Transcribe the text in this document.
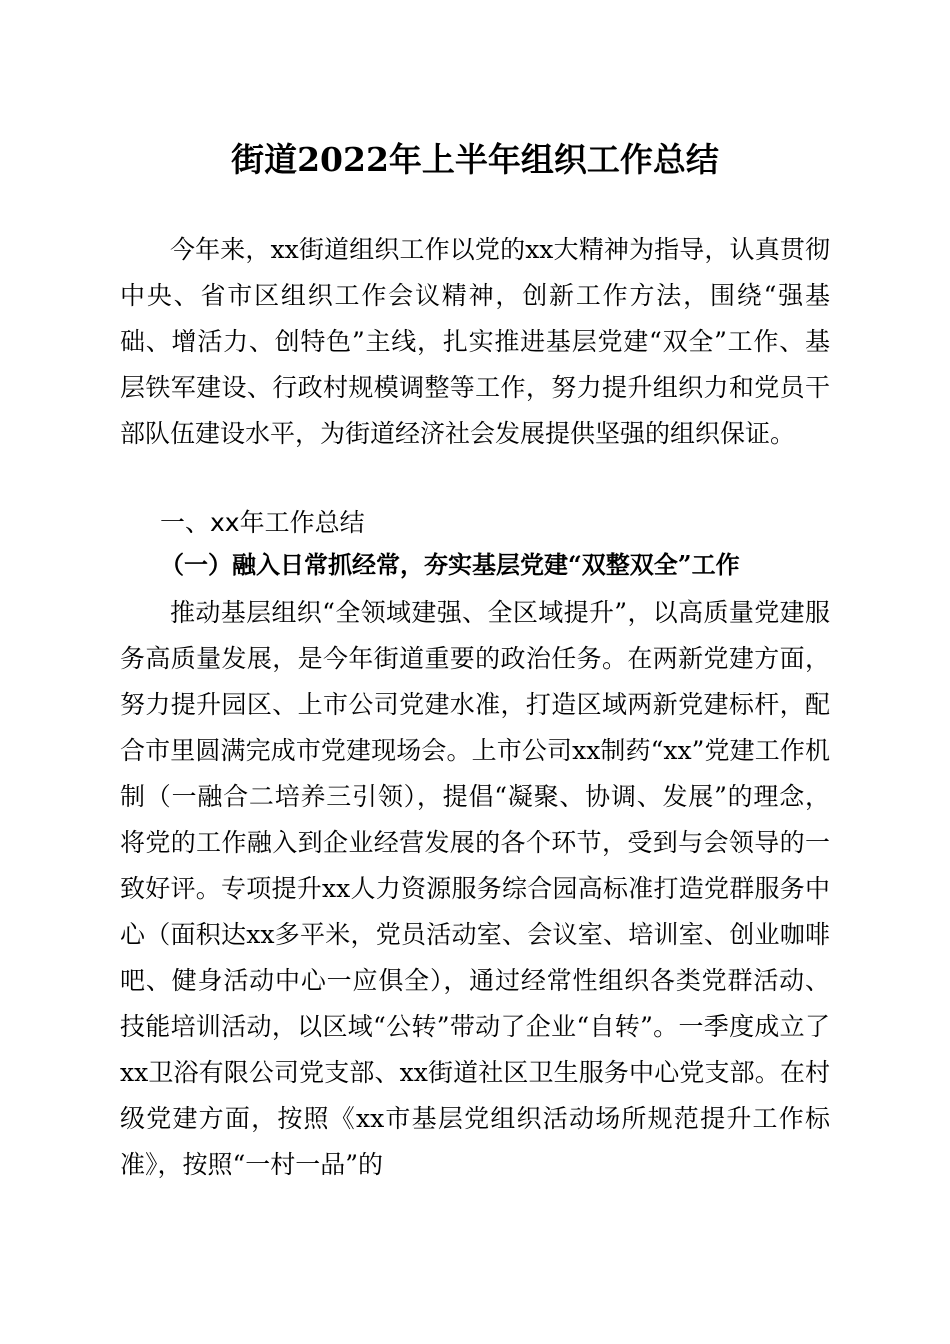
街道2022年上半年组织工作总结

今年来，xx街道组织工作以党的xx大精神为指导，认真贯彻中央、省市区组织工作会议精神，创新工作方法，围绕“强基础、增活力、创特色”主线，扎实推进基层党建“双全”工作、基层铁军建设、行政村规模调整等工作，努力提升组织力和党员干部队伍建设水平，为街道经济社会发展提供坚强的组织保证。

一、xx年工作总结
（一）融入日常抓经常，夯实基层党建“双整双全”工作

推动基层组织“全领域建强、全区域提升”，以高质量党建服务高质量发展，是今年街道重要的政治任务。在两新党建方面，努力提升园区、上市公司党建水准，打造区域两新党建标杆，配合市里圆满完成市党建现场会。上市公司xx制药“xx”党建工作机制（一融合二培养三引领），提倡“凝聚、协调、发展”的理念，将党的工作融入到企业经营发展的各个环节，受到与会领导的一致好评。专项提升xx人力资源服务综合园高标准打造党群服务中心（面积达xx多平米，党员活动室、会议室、培训室、创业咖啡吧、健身活动中心一应俱全），通过经常性组织各类党群活动、技能培训活动，以区域“公转”带动了企业“自转”。一季度成立了xx卫浴有限公司党支部、xx街道社区卫生服务中心党支部。在村级党建方面，按照《xx市基层党组织活动场所规范提升工作标准》，按照“一村一品”的
